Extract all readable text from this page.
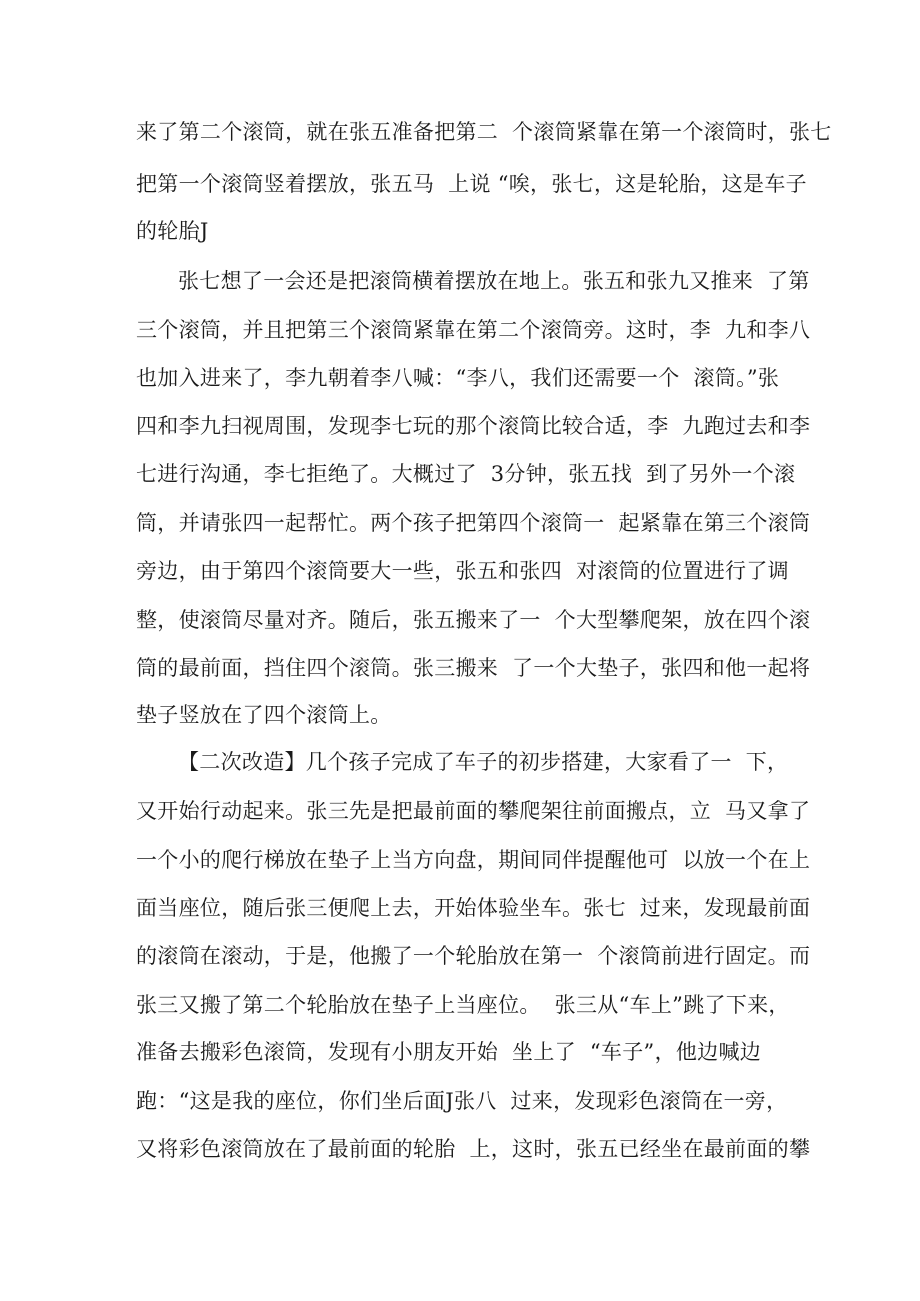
来了第二个滚筒，就在张五准备把第二  个滚筒紧靠在第一个滚筒时，张七
把第一个滚筒竖着摆放，张五马  上说 “唉，张七，这是轮胎，这是车子
的轮胎J
张七想了一会还是把滚筒横着摆放在地上。张五和张九又推来  了第
三个滚筒，并且把第三个滚筒紧靠在第二个滚筒旁。这时，李  九和李八
也加入进来了，李九朝着李八喊：“李八，我们还需要一个  滚筒。”张
四和李九扫视周围，发现李七玩的那个滚筒比较合适，李  九跑过去和李
七进行沟通，李七拒绝了。大概过了  3分钟，张五找  到了另外一个滚
筒，并请张四一起帮忙。两个孩子把第四个滚筒一  起紧靠在第三个滚筒
旁边，由于第四个滚筒要大一些，张五和张四  对滚筒的位置进行了调
整，使滚筒尽量对齐。随后，张五搬来了一  个大型攀爬架，放在四个滚
筒的最前面，挡住四个滚筒。张三搬来  了一个大垫子，张四和他一起将
垫子竖放在了四个滚筒上。
【二次改造】几个孩子完成了车子的初步搭建，大家看了一  下，
又开始行动起来。张三先是把最前面的攀爬架往前面搬点，立  马又拿了
一个小的爬行梯放在垫子上当方向盘，期间同伴提醒他可  以放一个在上
面当座位，随后张三便爬上去，开始体验坐车。张七  过来，发现最前面
的滚筒在滚动，于是，他搬了一个轮胎放在第一  个滚筒前进行固定。而
张三又搬了第二个轮胎放在垫子上当座位。  张三从“车上”跳了下来，
准备去搬彩色滚筒，发现有小朋友开始  坐上了  “车子”，他边喊边
跑：“这是我的座位，你们坐后面J张八  过来，发现彩色滚筒在一旁，
又将彩色滚筒放在了最前面的轮胎  上，这时，张五已经坐在最前面的攀
